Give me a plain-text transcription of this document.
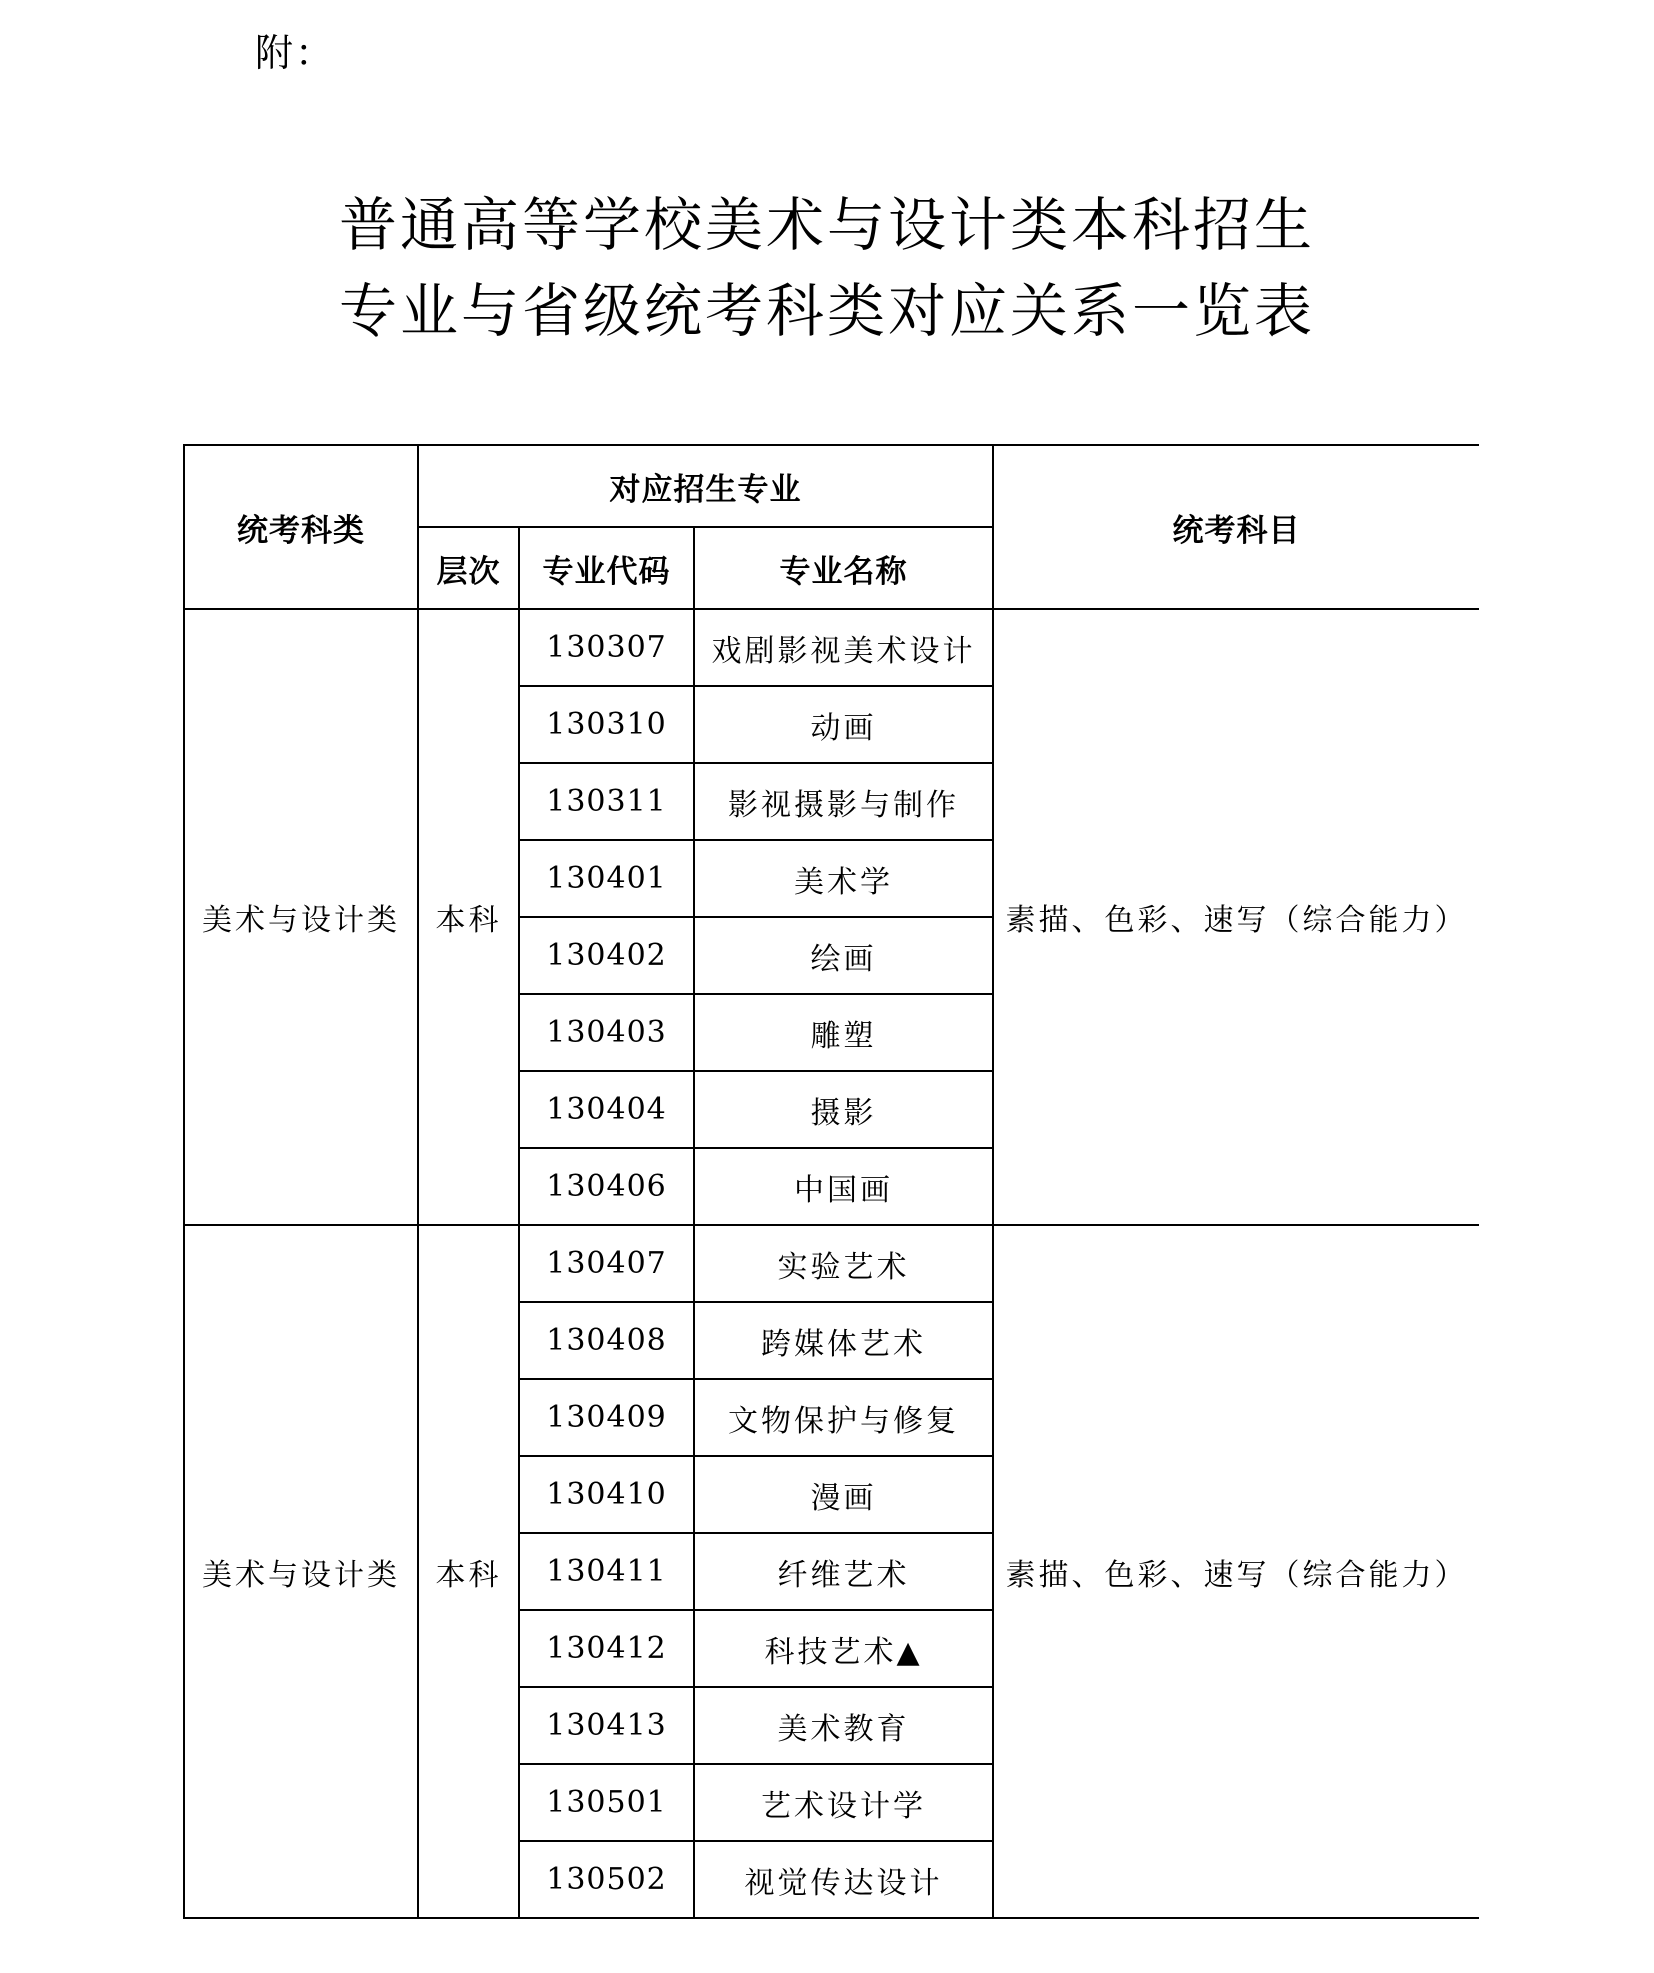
附：
普通高等学校美术与设计类本科招生
专业与省级统考科类对应关系一览表
统考科类	对应招生专业			统考科目
	层次	专业代码	专业名称	
美术与设计类	本科	130307	戏剧影视美术设计	素描、色彩、速写（综合能力）
		130310	动画	
		130311	影视摄影与制作	
		130401	美术学	
		130402	绘画	
		130403	雕塑	
		130404	摄影	
		130406	中国画	
美术与设计类	本科	130407	实验艺术	素描、色彩、速写（综合能力）
		130408	跨媒体艺术	
		130409	文物保护与修复	
		130410	漫画	
		130411	纤维艺术	
		130412	科技艺术▲	
		130413	美术教育	
		130501	艺术设计学	
		130502	视觉传达设计	
